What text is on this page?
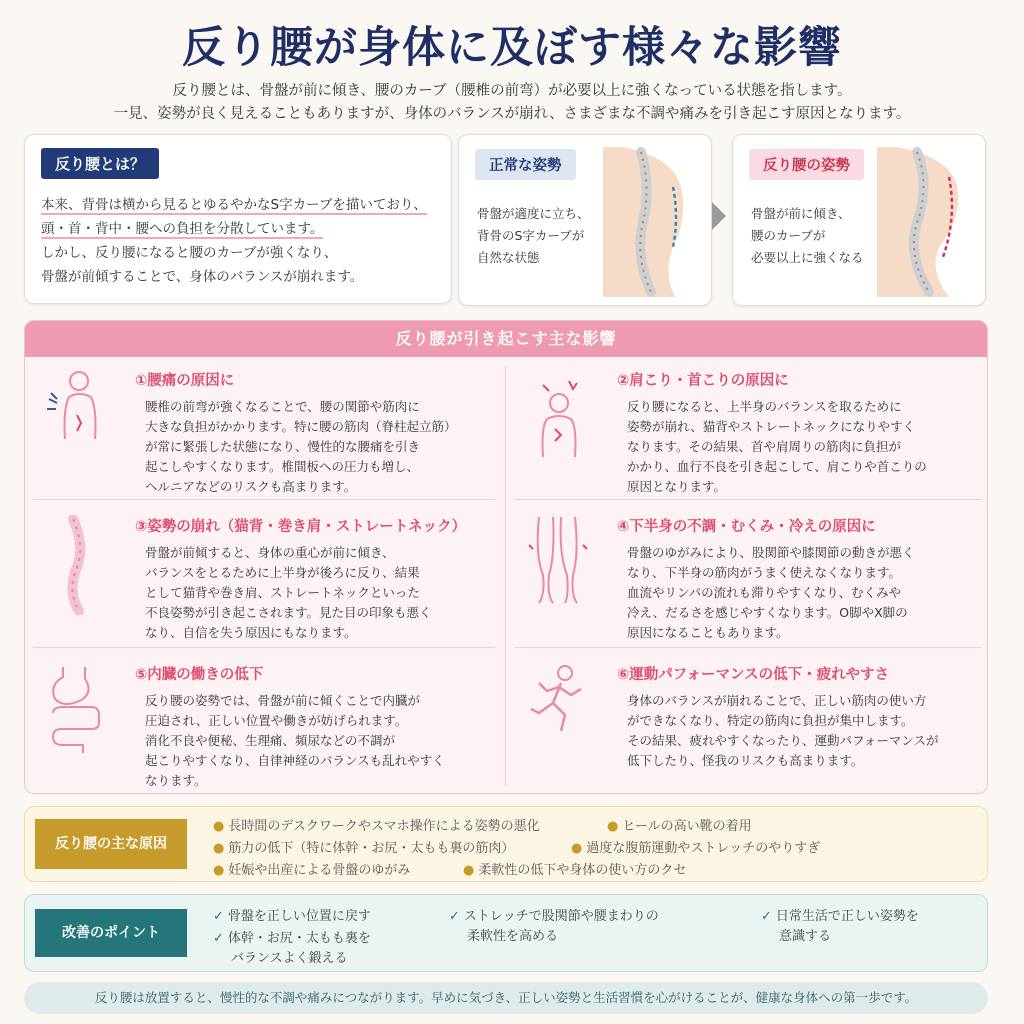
反り腰が身体に及ぼす様々な影響
反り腰とは、骨盤が前に傾き、腰のカーブ（腰椎の前弯）が必要以上に強くなっている状態を指します。
一見、姿勢が良く見えることもありますが、身体のバランスが崩れ、さまざまな不調や痛みを引き起こす原因となります。
反り腰とは？
本来、背骨は横から見るとゆるやかなS字カーブを描いており、
頭・首・背中・腰への負担を分散しています。
しかし、反り腰になると腰のカーブが強くなり、
骨盤が前傾することで、身体のバランスが崩れます。
正常な姿勢
骨盤が適度に立ち、
背骨のS字カーブが
自然な状態
反り腰の姿勢
骨盤が前に傾き、
腰のカーブが
必要以上に強くなる
反り腰が引き起こす主な影響
①腰痛の原因に
腰椎の前弯が強くなることで、腰の関節や筋肉に
大きな負担がかかります。特に腰の筋肉（脊柱起立筋）
が常に緊張した状態になり、慢性的な腰痛を引き
起こしやすくなります。椎間板への圧力も増し、
ヘルニアなどのリスクも高まります。
②肩こり・首こりの原因に
反り腰になると、上半身のバランスを取るために
姿勢が崩れ、猫背やストレートネックになりやすく
なります。その結果、首や肩周りの筋肉に負担が
かかり、血行不良を引き起こして、肩こりや首こりの
原因となります。
③姿勢の崩れ（猫背・巻き肩・ストレートネック）
骨盤が前傾すると、身体の重心が前に傾き、
バランスをとるために上半身が後ろに反り、結果
として猫背や巻き肩、ストレートネックといった
不良姿勢が引き起こされます。見た目の印象も悪く
なり、自信を失う原因にもなります。
④下半身の不調・むくみ・冷えの原因に
骨盤のゆがみにより、股関節や膝関節の動きが悪く
なり、下半身の筋肉がうまく使えなくなります。
血流やリンパの流れも滞りやすくなり、むくみや
冷え、だるさを感じやすくなります。O脚やX脚の
原因になることもあります。
⑤内臓の働きの低下
反り腰の姿勢では、骨盤が前に傾くことで内臓が
圧迫され、正しい位置や働きが妨げられます。
消化不良や便秘、生理痛、頻尿などの不調が
起こりやすくなり、自律神経のバランスも乱れやすく
なります。
⑥運動パフォーマンスの低下・疲れやすさ
身体のバランスが崩れることで、正しい筋肉の使い方
ができなくなり、特定の筋肉に負担が集中します。
その結果、疲れやすくなったり、運動パフォーマンスが
低下したり、怪我のリスクも高まります。
反り腰の主な原因
● 長時間のデスクワークやスマホ操作による姿勢の悪化	● ヒールの高い靴の着用
● 筋力の低下（特に体幹・お尻・太もも裏の筋肉）	● 過度な腹筋運動やストレッチのやりすぎ
● 妊娠や出産による骨盤のゆがみ	● 柔軟性の低下や身体の使い方のクセ
改善のポイント
✓ 骨盤を正しい位置に戻す
✓ 体幹・お尻・太もも裏を
バランスよく鍛える
✓ ストレッチで股関節や腰まわりの
柔軟性を高める
✓ 日常生活で正しい姿勢を
意識する
反り腰は放置すると、慢性的な不調や痛みにつながります。早めに気づき、正しい姿勢と生活習慣を心がけることが、健康な身体への第一歩です。
